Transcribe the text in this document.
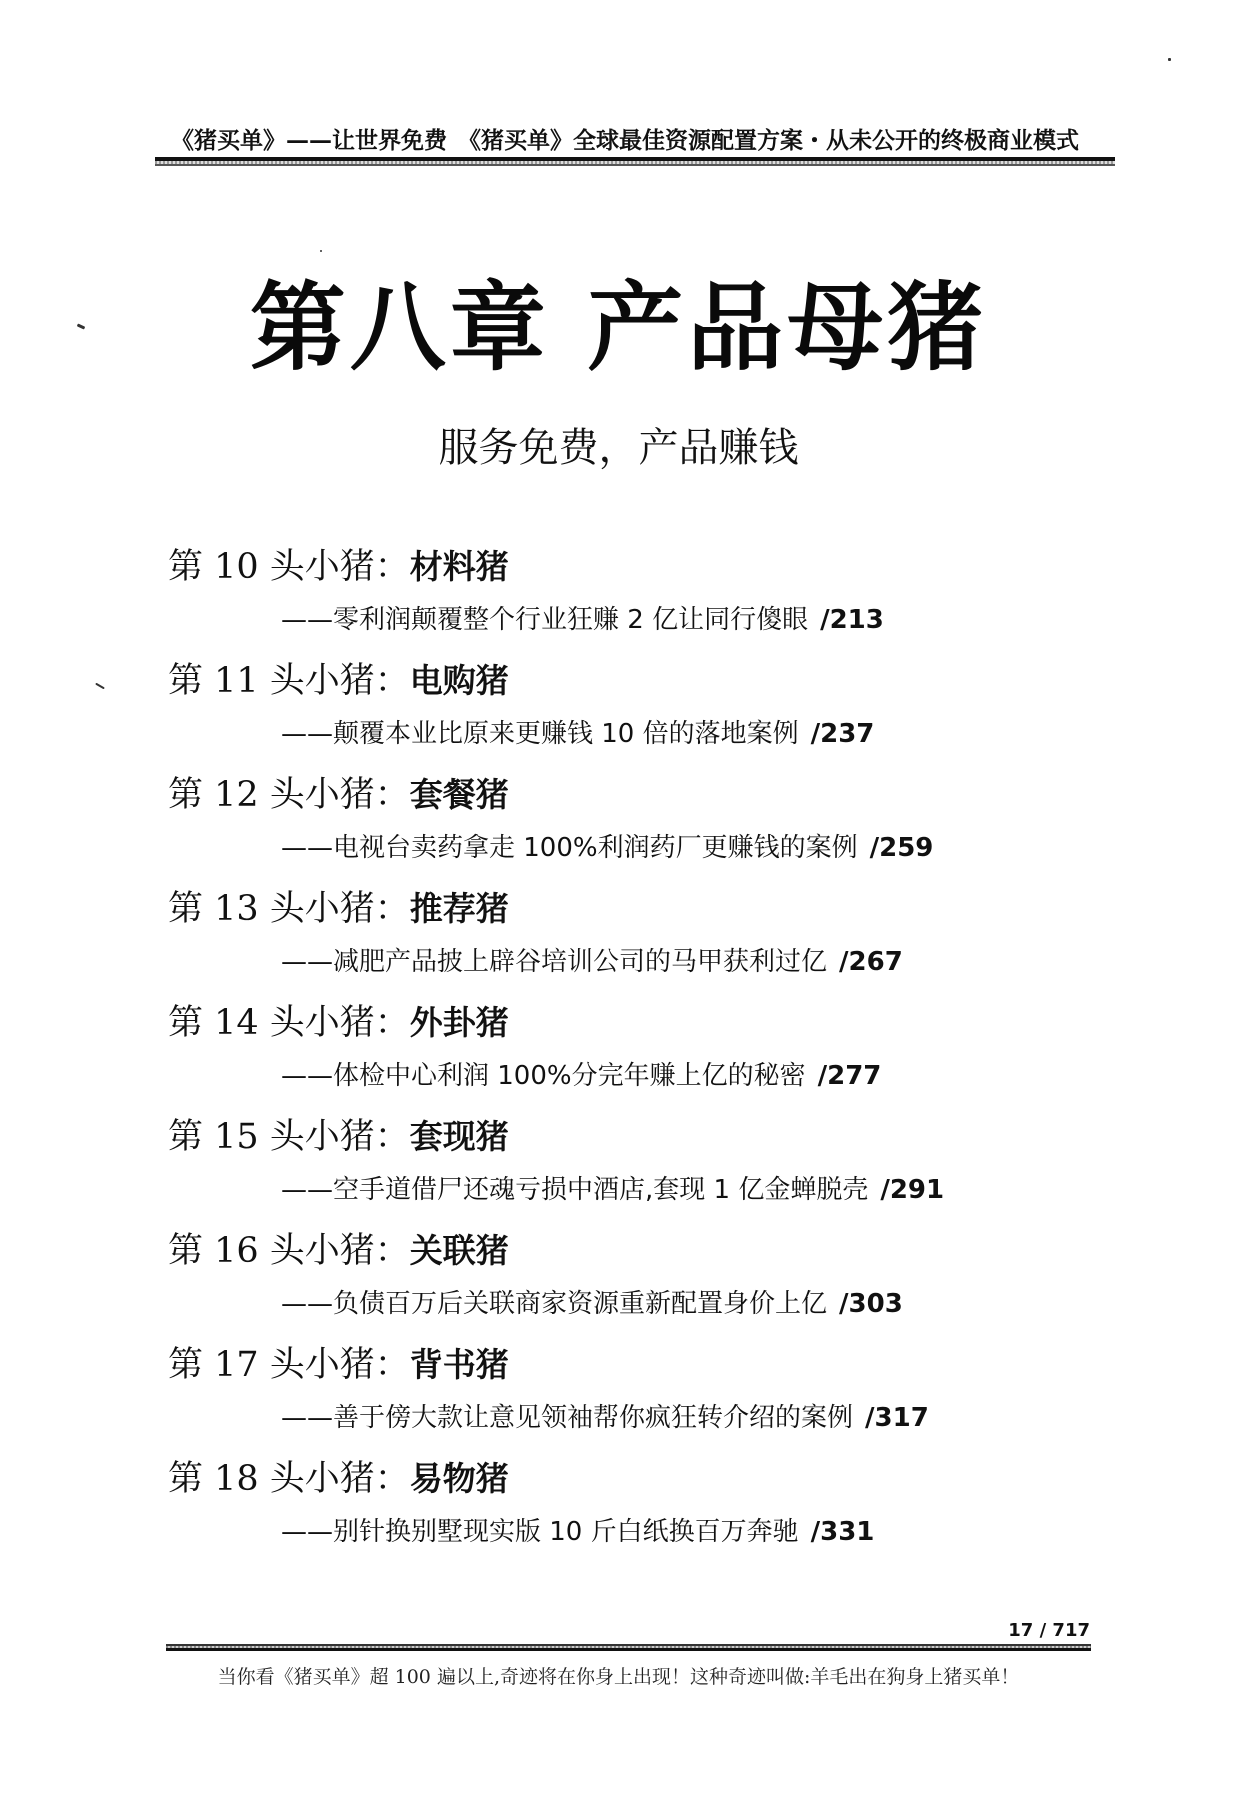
《猪买单》——让世界免费 《猪买单》全球最佳资源配置方案・从未公开的终极商业模式
第八章 产品母猪
服务免费，产品赚钱
第 10 头小猪：材料猪
——零利润颠覆整个行业狂赚 2 亿让同行傻眼 /213
第 11 头小猪：电购猪
——颠覆本业比原来更赚钱 10 倍的落地案例 /237
第 12 头小猪：套餐猪
——电视台卖药拿走 100%利润药厂更赚钱的案例 /259
第 13 头小猪：推荐猪
——减肥产品披上辟谷培训公司的马甲获利过亿 /267
第 14 头小猪：外卦猪
——体检中心利润 100%分完年赚上亿的秘密 /277
第 15 头小猪：套现猪
——空手道借尸还魂亏损中酒店,套现 1 亿金蝉脱壳 /291
第 16 头小猪：关联猪
——负债百万后关联商家资源重新配置身价上亿 /303
第 17 头小猪：背书猪
——善于傍大款让意见领袖帮你疯狂转介绍的案例 /317
第 18 头小猪：易物猪
——别针换别墅现实版 10 斤白纸换百万奔驰 /331
17 / 717
当你看《猪买单》超 100 遍以上,奇迹将在你身上出现！这种奇迹叫做:羊毛出在狗身上猪买单！
